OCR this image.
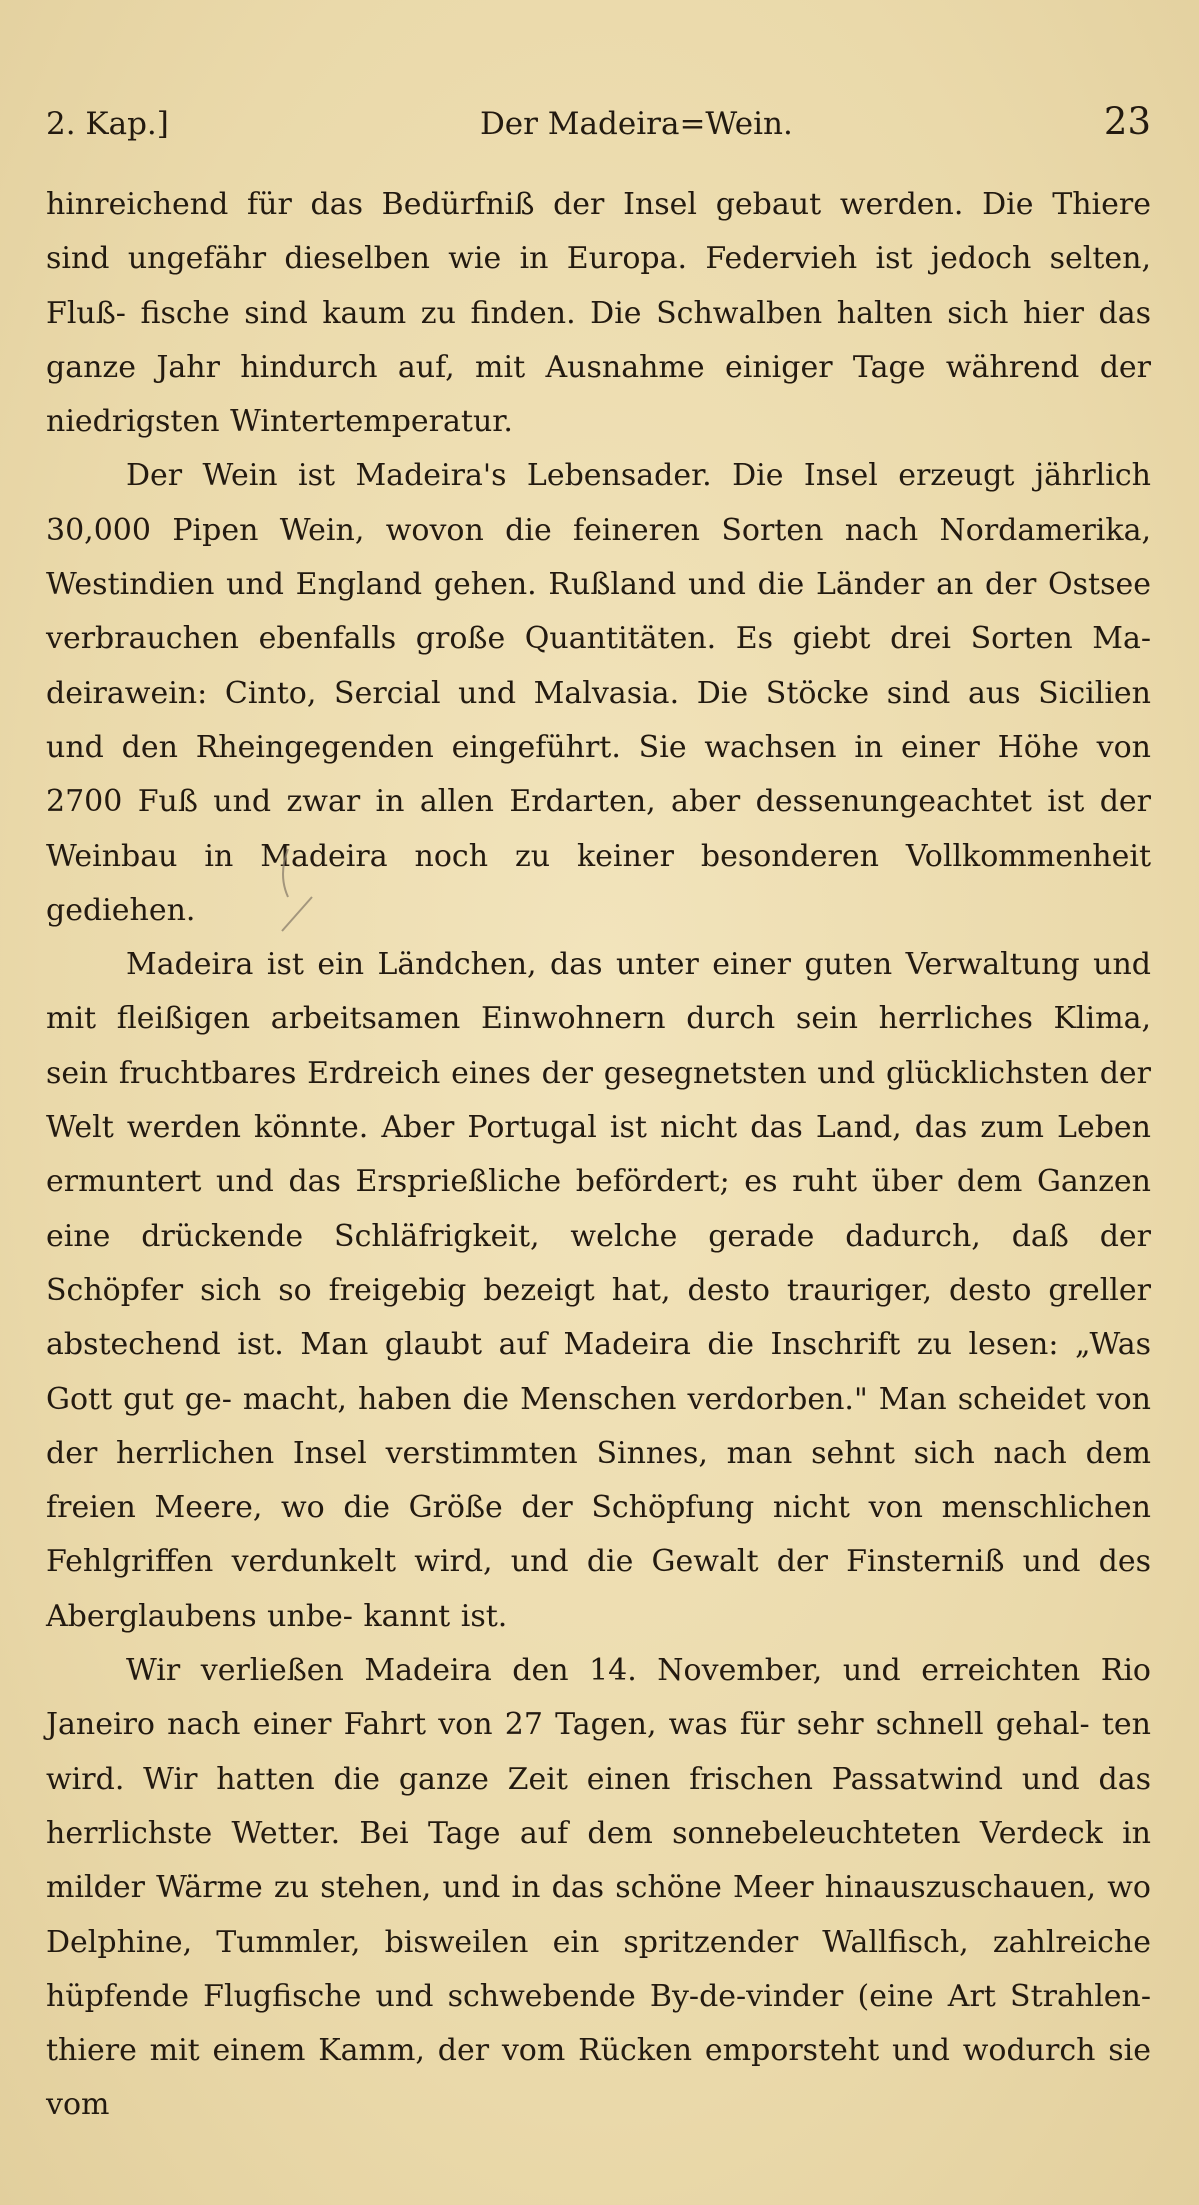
2. Kap.]	Der Madeira=Wein.	23

hinreichend für das Bedürfniß der Insel gebaut werden. Die Thiere sind ungefähr dieselben wie in Europa. Federvieh ist jedoch selten, Fluß- fische sind kaum zu finden. Die Schwalben halten sich hier das ganze Jahr hindurch auf, mit Ausnahme einiger Tage während der niedrigsten Wintertemperatur.

Der Wein ist Madeira's Lebensader. Die Insel erzeugt jährlich 30,000 Pipen Wein, wovon die feineren Sorten nach Nordamerika, Westindien und England gehen. Rußland und die Länder an der Ostsee verbrauchen ebenfalls große Quantitäten. Es giebt drei Sorten Ma- deirawein: Cinto, Sercial und Malvasia. Die Stöcke sind aus Sicilien und den Rheingegenden eingeführt. Sie wachsen in einer Höhe von 2700 Fuß und zwar in allen Erdarten, aber dessenungeachtet ist der Weinbau in Madeira noch zu keiner besonderen Vollkommenheit gediehen.

Madeira ist ein Ländchen, das unter einer guten Verwaltung und mit fleißigen arbeitsamen Einwohnern durch sein herrliches Klima, sein fruchtbares Erdreich eines der gesegnetsten und glücklichsten der Welt werden könnte. Aber Portugal ist nicht das Land, das zum Leben ermuntert und das Ersprießliche befördert; es ruht über dem Ganzen eine drückende Schläfrigkeit, welche gerade dadurch, daß der Schöpfer sich so freigebig bezeigt hat, desto trauriger, desto greller abstechend ist. Man glaubt auf Madeira die Inschrift zu lesen: „Was Gott gut ge- macht, haben die Menschen verdorben." Man scheidet von der herrlichen Insel verstimmten Sinnes, man sehnt sich nach dem freien Meere, wo die Größe der Schöpfung nicht von menschlichen Fehlgriffen verdunkelt wird, und die Gewalt der Finsterniß und des Aberglaubens unbe- kannt ist.

Wir verließen Madeira den 14. November, und erreichten Rio Janeiro nach einer Fahrt von 27 Tagen, was für sehr schnell gehal- ten wird. Wir hatten die ganze Zeit einen frischen Passatwind und das herrlichste Wetter. Bei Tage auf dem sonnebeleuchteten Verdeck in milder Wärme zu stehen, und in das schöne Meer hinauszuschauen, wo Delphine, Tummler, bisweilen ein spritzender Wallfisch, zahlreiche hüpfende Flugfische und schwebende By-de-vinder (eine Art Strahlen- thiere mit einem Kamm, der vom Rücken emporsteht und wodurch sie vom
